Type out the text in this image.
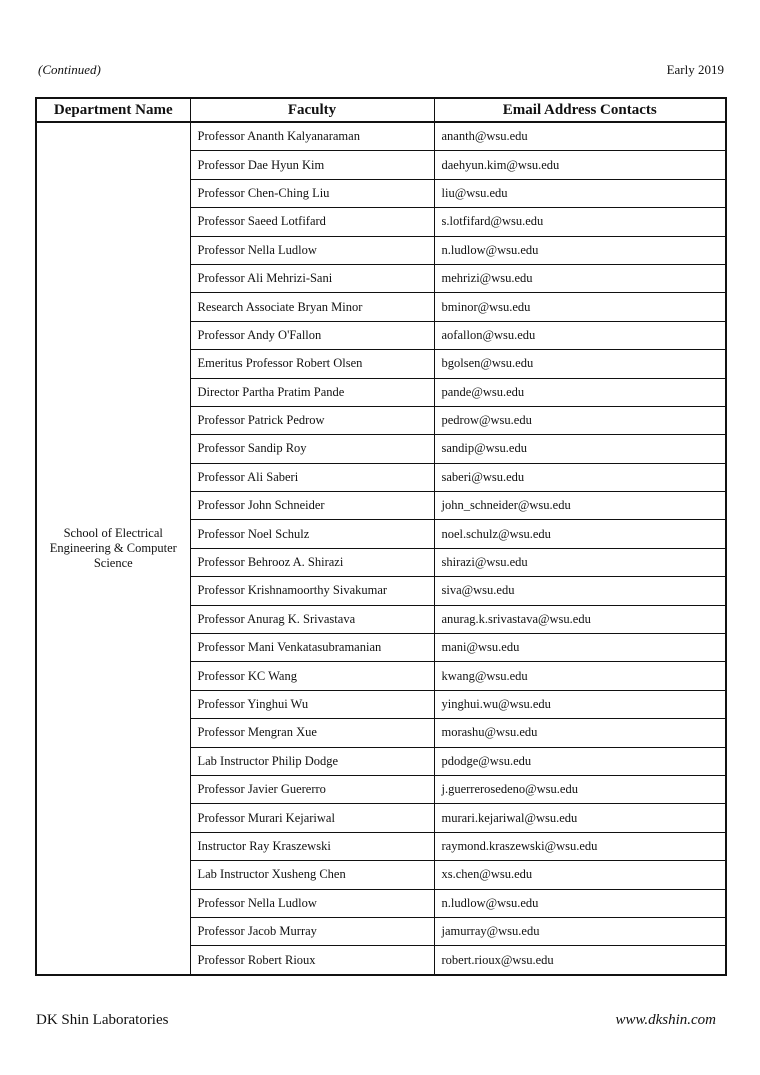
(Continued)	Early 2019
Department Name	Faculty	Email Address Contacts
School of Electrical Engineering & Computer Science	Professor Ananth Kalyanaraman	ananth@wsu.edu
	Professor Dae Hyun Kim	daehyun.kim@wsu.edu
	Professor Chen-Ching Liu	liu@wsu.edu
	Professor Saeed Lotfifard	s.lotfifard@wsu.edu
	Professor Nella Ludlow	n.ludlow@wsu.edu
	Professor Ali Mehrizi-Sani	mehrizi@wsu.edu
	Research Associate Bryan Minor	bminor@wsu.edu
	Professor Andy O'Fallon	aofallon@wsu.edu
	Emeritus Professor Robert Olsen	bgolsen@wsu.edu
	Director Partha Pratim Pande	pande@wsu.edu
	Professor Patrick Pedrow	pedrow@wsu.edu
	Professor Sandip Roy	sandip@wsu.edu
	Professor Ali Saberi	saberi@wsu.edu
	Professor John Schneider	john_schneider@wsu.edu
	Professor Noel Schulz	noel.schulz@wsu.edu
	Professor Behrooz A. Shirazi	shirazi@wsu.edu
	Professor Krishnamoorthy Sivakumar	siva@wsu.edu
	Professor Anurag K. Srivastava	anurag.k.srivastava@wsu.edu
	Professor Mani Venkatasubramanian	mani@wsu.edu
	Professor KC Wang	kwang@wsu.edu
	Professor Yinghui Wu	yinghui.wu@wsu.edu
	Professor Mengran Xue	morashu@wsu.edu
	Lab Instructor Philip Dodge	pdodge@wsu.edu
	Professor Javier Guererro	j.guerrerosedeno@wsu.edu
	Professor Murari Kejariwal	murari.kejariwal@wsu.edu
	Instructor Ray Kraszewski	raymond.kraszewski@wsu.edu
	Lab Instructor Xusheng Chen	xs.chen@wsu.edu
	Professor Nella Ludlow	n.ludlow@wsu.edu
	Professor Jacob Murray	jamurray@wsu.edu
	Professor Robert Rioux	robert.rioux@wsu.edu
DK Shin Laboratories	www.dkshin.com
